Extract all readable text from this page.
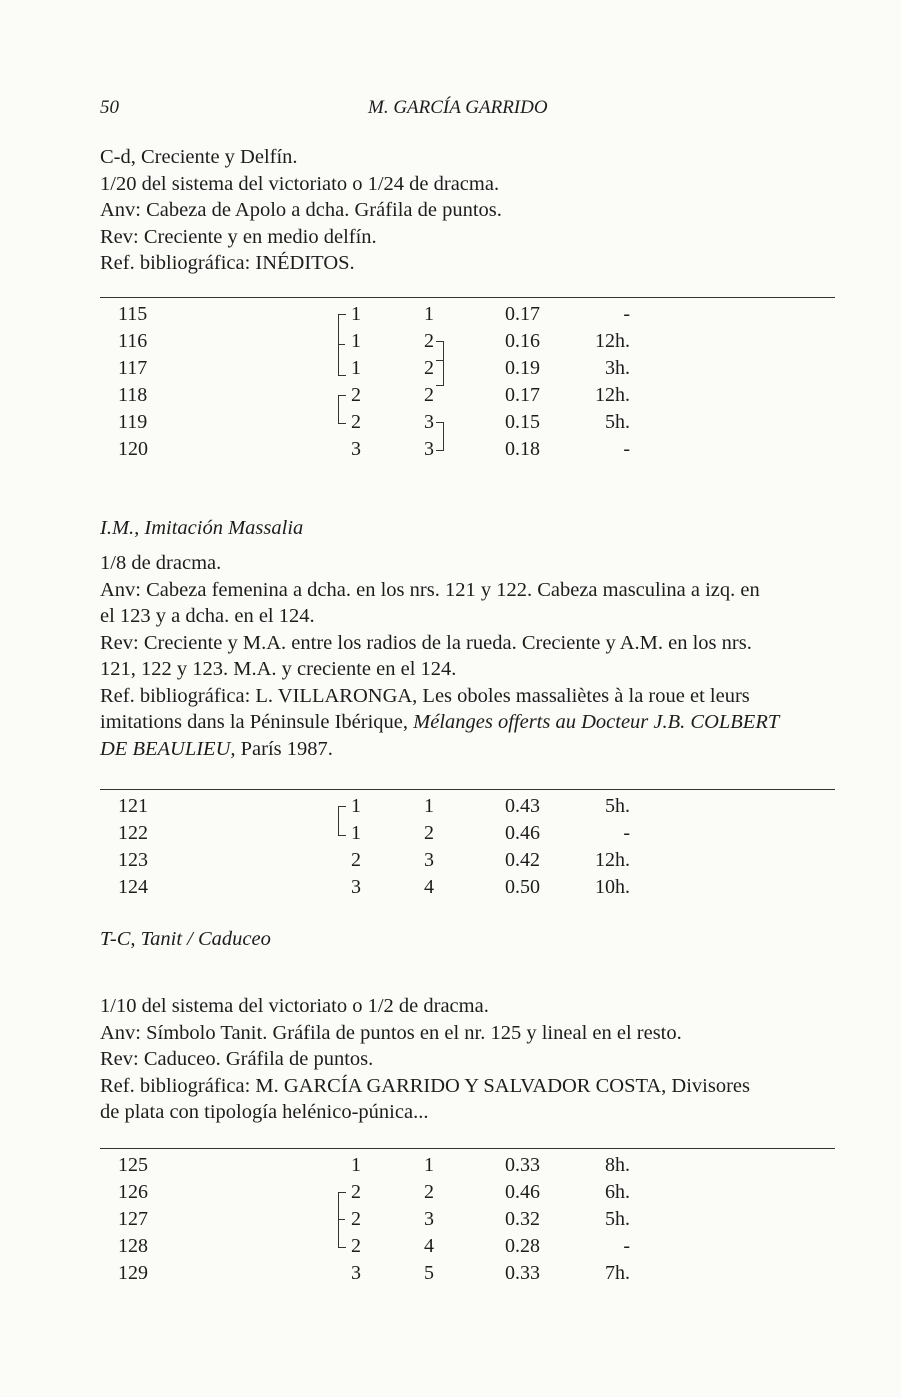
50	M. GARCÍA GARRIDO

C-d, Creciente y Delfín.

1/20 del sistema del victoriato o 1/24 de dracma.

Anv: Cabeza de Apolo a dcha. Gráfila de puntos.

Rev: Creciente y en medio delfín.

Ref. bibliográfica: INÉDITOS.

115	1	1	0.17	-
116	1	2	0.16	12h.
117	1	2	0.19	3h.
118	2	2	0.17	12h.
119	2	3	0.15	5h.
120	3	3	0.18	-
I.M., Imitación Massalia

1/8 de dracma.

Anv: Cabeza femenina a dcha. en los nrs. 121 y 122. Cabeza masculina a izq. en

el 123 y a dcha. en el 124.

Rev: Creciente y M.A. entre los radios de la rueda. Creciente y A.M. en los nrs.

121, 122 y 123. M.A. y creciente en el 124.

Ref. bibliográfica: L. VILLARONGA, Les oboles massaliètes à la roue et leurs

imitations dans la Péninsule Ibérique, Mélanges offerts au Docteur J.B. COLBERT

DE BEAULIEU, París 1987.

121	1	1	0.43	5h.
122	1	2	0.46	-
123	2	3	0.42	12h.
124	3	4	0.50	10h.
T-C, Tanit / Caduceo

1/10 del sistema del victoriato o 1/2 de dracma.

Anv: Símbolo Tanit. Gráfila de puntos en el nr. 125 y lineal en el resto.

Rev: Caduceo. Gráfila de puntos.

Ref. bibliográfica: M. GARCÍA GARRIDO Y SALVADOR COSTA, Divisores

de plata con tipología helénico-púnica...

125	1	1	0.33	8h.
126	2	2	0.46	6h.
127	2	3	0.32	5h.
128	2	4	0.28	-
129	3	5	0.33	7h.
